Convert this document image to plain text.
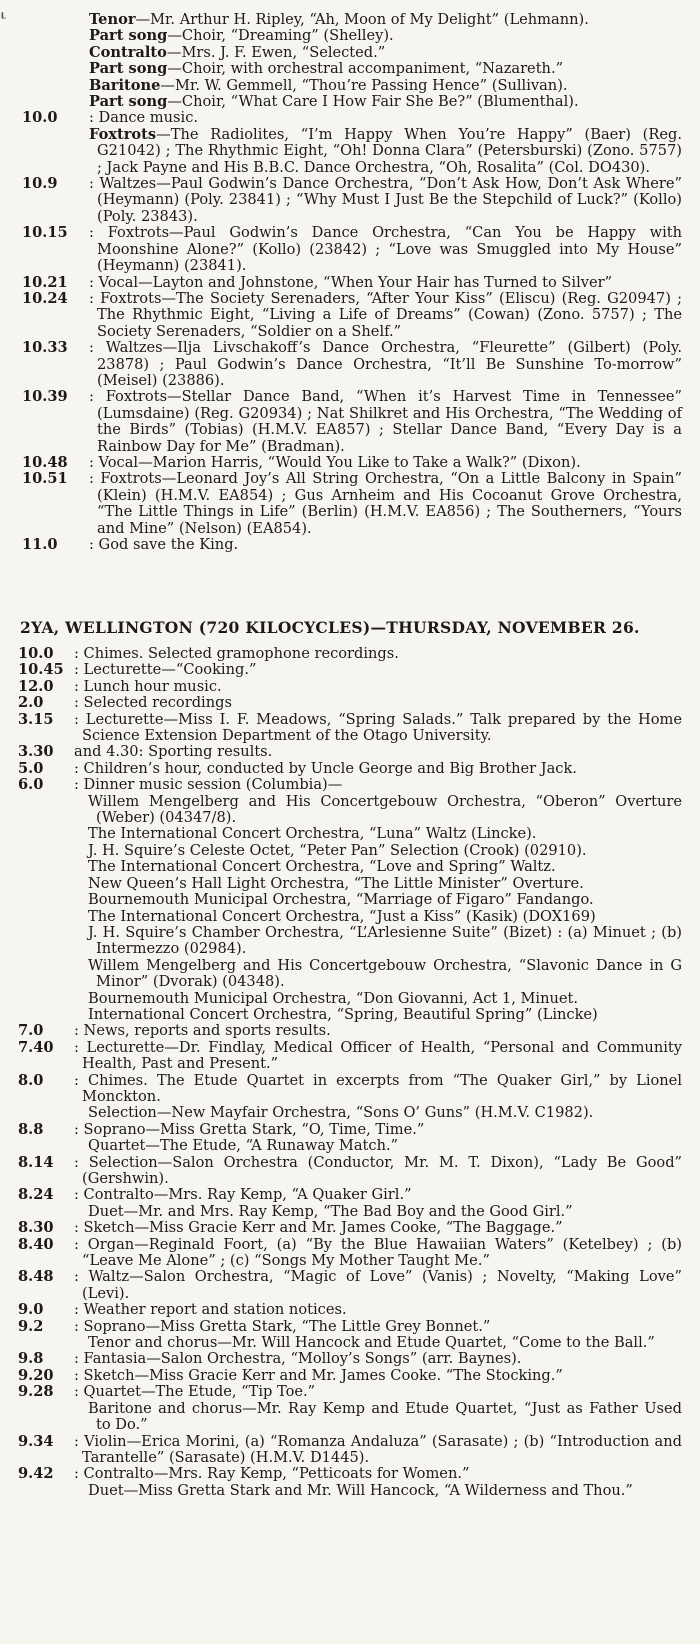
⸤	Tenor—Mr. Arthur H. Ripley, “Ah, Moon of My Delight” (Lehmann).
Part song—Choir, “Dreaming” (Shelley).
Contralto—Mrs. J. F. Ewen, “Selected.”
Part song—Choir, with orchestral accompaniment, “Nazareth.”
Baritone—Mr. W. Gemmell, “Thou’re Passing Hence” (Sullivan).
Part song—Choir, “What Care I How Fair She Be?” (Blumenthal).
10.0 : Dance music.
Foxtrots—The Radiolites, “I’m Happy When You’re Happy” (Baer) (Reg. G21042) ; The Rhythmic Eight, “Oh! Donna Clara” (Petersburski) (Zono. 5757) ; Jack Payne and His B.B.C. Dance Orchestra, “Oh, Rosalita” (Col. DO430).
10.9 : Waltzes—Paul Godwin’s Dance Orchestra, “Don’t Ask How, Don’t Ask Where” (Heymann) (Poly. 23841) ; “Why Must I Just Be the Stepchild of Luck?” (Kollo) (Poly. 23843).
10.15 : Foxtrots—Paul Godwin’s Dance Orchestra, “Can You be Happy with Moonshine Alone?” (Kollo) (23842) ; “Love was Smuggled into My House” (Heymann) (23841).
10.21 : Vocal—Layton and Johnstone, “When Your Hair has Turned to Silver”
10.24 : Foxtrots—The Society Serenaders, “After Your Kiss” (Eliscu) (Reg. G20947) ; The Rhythmic Eight, “Living a Life of Dreams” (Cowan) (Zono. 5757) ; The Society Serenaders, “Soldier on a Shelf.”
10.33 : Waltzes—Ilja Livschakoff’s Dance Orchestra, “Fleurette” (Gilbert) (Poly. 23878) ; Paul Godwin’s Dance Orchestra, “It’ll Be Sunshine To-morrow” (Meisel) (23886).
10.39 : Foxtrots—Stellar Dance Band, “When it’s Harvest Time in Tennessee” (Lumsdaine) (Reg. G20934) ; Nat Shilkret and His Orchestra, “The Wedding of the Birds” (Tobias) (H.M.V. EA857) ; Stellar Dance Band, “Every Day is a Rainbow Day for Me” (Bradman).
10.48 : Vocal—Marion Harris, “Would You Like to Take a Walk?” (Dixon).
10.51 : Foxtrots—Leonard Joy’s All String Orchestra, “On a Little Balcony in Spain” (Klein) (H.M.V. EA854) ; Gus Arnheim and His Cocoanut Grove Orchestra, “The Little Things in Life” (Berlin) (H.M.V. EA856) ; The Southerners, “Yours and Mine” (Nelson) (EA854).
11.0 : God save the King.
2YA, WELLINGTON (720 KILOCYCLES)—THURSDAY, NOVEMBER 26.
10.0 : Chimes. Selected gramophone recordings.
10.45 : Lecturette—“Cooking.”
12.0 : Lunch hour music.
2.0 : Selected recordings
3.15 : Lecturette—Miss I. F. Meadows, “Spring Salads.” Talk prepared by the Home Science Extension Department of the Otago University.
3.30 and 4.30: Sporting results.
5.0 : Children’s hour, conducted by Uncle George and Big Brother Jack.
6.0 : Dinner music session (Columbia)—
Willem Mengelberg and His Concertgebouw Orchestra, “Oberon” Overture (Weber) (04347/8).
The International Concert Orchestra, “Luna” Waltz (Lincke).
J. H. Squire’s Celeste Octet, “Peter Pan” Selection (Crook) (02910).
The International Concert Orchestra, “Love and Spring” Waltz.
New Queen’s Hall Light Orchestra, “The Little Minister” Overture.
Bournemouth Municipal Orchestra, “Marriage of Figaro” Fandango.
The International Concert Orchestra, “Just a Kiss” (Kasik) (DOX169)
J. H. Squire’s Chamber Orchestra, “L’Arlesienne Suite” (Bizet) : (a) Minuet ; (b) Intermezzo (02984).
Willem Mengelberg and His Concertgebouw Orchestra, “Slavonic Dance in G Minor” (Dvorak) (04348).
Bournemouth Municipal Orchestra, “Don Giovanni, Act 1, Minuet.
International Concert Orchestra, “Spring, Beautiful Spring” (Lincke)
7.0 : News, reports and sports results.
7.40 : Lecturette—Dr. Findlay, Medical Officer of Health, “Personal and Community Health, Past and Present.”
8.0 : Chimes. The Etude Quartet in excerpts from “The Quaker Girl,” by Lionel Monckton.
Selection—New Mayfair Orchestra, “Sons O’ Guns” (H.M.V. C1982).
8.8 : Soprano—Miss Gretta Stark, “O, Time, Time.”
Quartet—The Etude, “A Runaway Match.”
8.14 : Selection—Salon Orchestra (Conductor, Mr. M. T. Dixon), “Lady Be Good” (Gershwin).
8.24 : Contralto—Mrs. Ray Kemp, “A Quaker Girl.”
Duet—Mr. and Mrs. Ray Kemp, “The Bad Boy and the Good Girl.”
8.30 : Sketch—Miss Gracie Kerr and Mr. James Cooke, “The Baggage.”
8.40 : Organ—Reginald Foort, (a) “By the Blue Hawaiian Waters” (Ketelbey) ; (b) “Leave Me Alone” ; (c) “Songs My Mother Taught Me.”
8.48 : Waltz—Salon Orchestra, “Magic of Love” (Vanis) ; Novelty, “Making Love” (Levi).
9.0 : Weather report and station notices.
9.2 : Soprano—Miss Gretta Stark, “The Little Grey Bonnet.”
Tenor and chorus—Mr. Will Hancock and Etude Quartet, “Come to the Ball.”
9.8 : Fantasia—Salon Orchestra, “Molloy’s Songs” (arr. Baynes).
9.20 : Sketch—Miss Gracie Kerr and Mr. James Cooke. “The Stocking.”
9.28 : Quartet—The Etude, “Tip Toe.”
Baritone and chorus—Mr. Ray Kemp and Etude Quartet, “Just as Father Used to Do.”
9.34 : Violin—Erica Morini, (a) “Romanza Andaluza” (Sarasate) ; (b) “Introduction and Tarantelle” (Sarasate) (H.M.V. D1445).
9.42 : Contralto—Mrs. Ray Kemp, “Petticoats for Women.”
Duet—Miss Gretta Stark and Mr. Will Hancock, “A Wilderness and Thou.”
